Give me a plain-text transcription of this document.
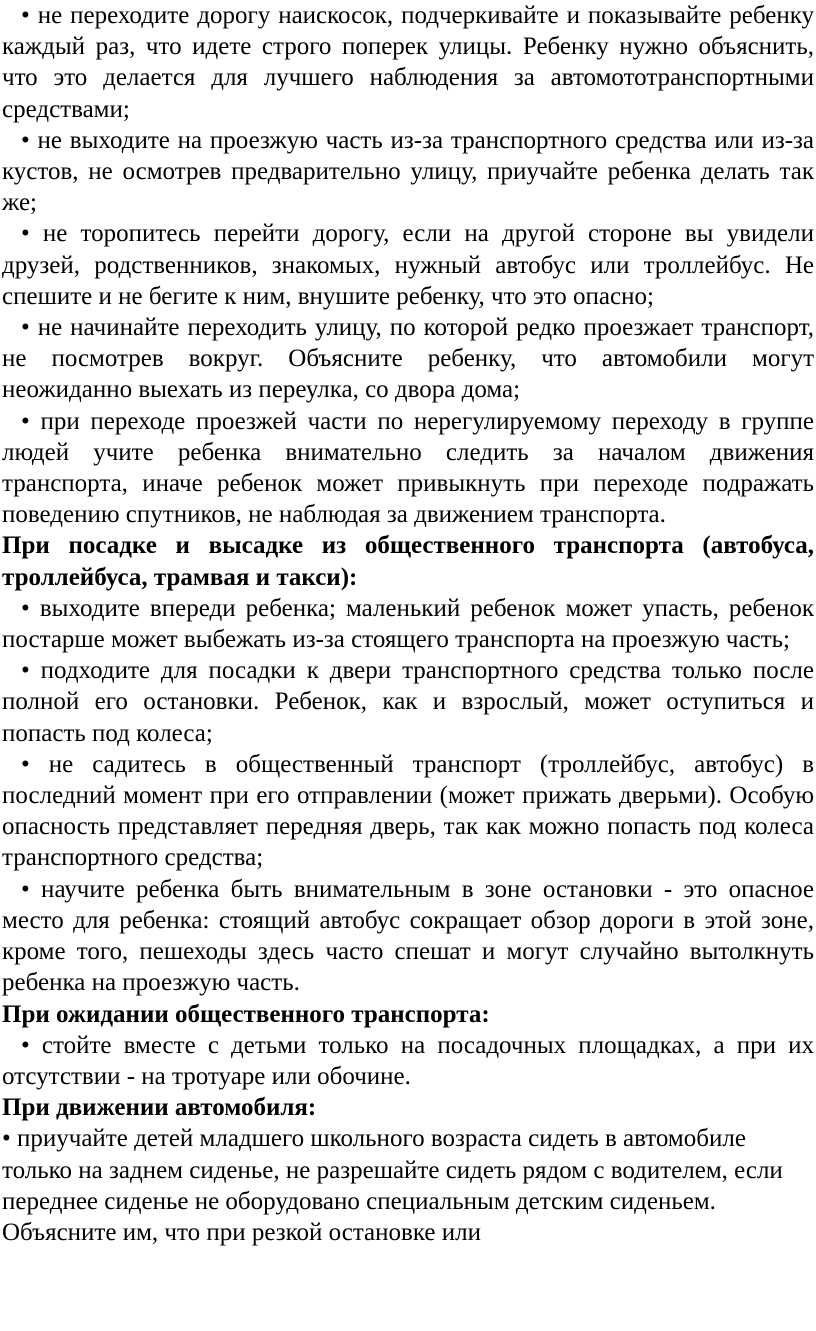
• не переходите дорогу наискосок, подчеркивайте и показывайте ребенку каждый раз, что идете строго поперек улицы. Ребенку нужно объяснить, что это делается для лучшего наблюдения за автомототранспортными средствами;

• не выходите на проезжую часть из-за транспортного средства или из-за кустов, не осмотрев предварительно улицу, приучайте ребенка делать так же;

• не торопитесь перейти дорогу, если на другой стороне вы увидели друзей, родственников, знакомых, нужный автобус или троллейбус. Не спешите и не бегите к ним, внушите ребенку, что это опасно;

• не начинайте переходить улицу, по которой редко проезжает транспорт, не посмотрев вокруг. Объясните ребенку, что автомобили могут неожиданно выехать из переулка, со двора дома;

• при переходе проезжей части по нерегулируемому переходу в группе людей учите ребенка внимательно следить за началом движения транспорта, иначе ребенок может привыкнуть при переходе подражать поведению спутников, не наблюдая за движением транспорта.

При посадке и высадке из общественного транспорта (автобуса, троллейбуса, трамвая и такси):

• выходите впереди ребенка; маленький ребенок может упасть, ребенок постарше может выбежать из-за стоящего транспорта на проезжую часть;

• подходите для посадки к двери транспортного средства только после полной его остановки. Ребенок, как и взрослый, может оступиться и попасть под колеса;

• не садитесь в общественный транспорт (троллейбус, автобус) в последний момент при его отправлении (может прижать дверьми). Особую опасность представляет передняя дверь, так как можно попасть под колеса транспортного средства;

• научите ребенка быть внимательным в зоне остановки - это опасное место для ребенка: стоящий автобус сокращает обзор дороги в этой зоне, кроме того, пешеходы здесь часто спешат и могут случайно вытолкнуть ребенка на проезжую часть.

При ожидании общественного транспорта:

• стойте вместе с детьми только на посадочных площадках, а при их отсутствии - на тротуаре или обочине.

При движении автомобиля:

• приучайте детей младшего школьного возраста сидеть в автомобиле только на заднем сиденье, не разрешайте сидеть рядом с водителем, если переднее сиденье не оборудовано специальным детским сиденьем. Объясните им, что при резкой остановке или
